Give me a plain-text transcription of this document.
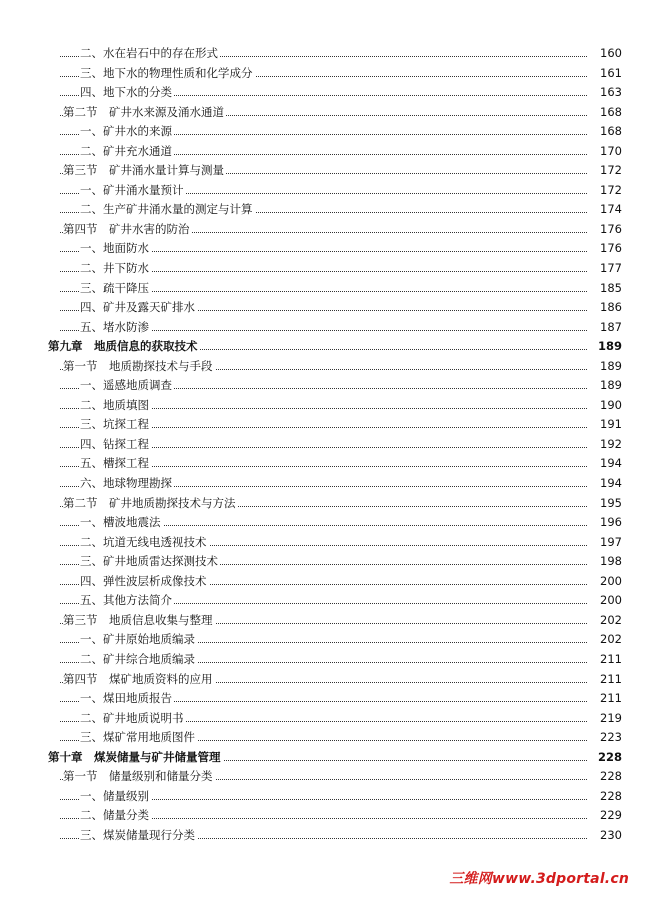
二、水在岩石中的存在形式	160
三、地下水的物理性质和化学成分	161
四、地下水的分类	163
第二节　矿井水来源及涌水通道	168
一、矿井水的来源	168
二、矿井充水通道	170
第三节　矿井涌水量计算与测量	172
一、矿井涌水量预计	172
二、生产矿井涌水量的测定与计算	174
第四节　矿井水害的防治	176
一、地面防水	176
二、井下防水	177
三、疏干降压	185
四、矿井及露天矿排水	186
五、堵水防渗	187
第九章　地质信息的获取技术	189
第一节　地质勘探技术与手段	189
一、遥感地质调查	189
二、地质填图	190
三、坑探工程	191
四、钻探工程	192
五、槽探工程	194
六、地球物理勘探	194
第二节　矿井地质勘探技术与方法	195
一、槽波地震法	196
二、坑道无线电透视技术	197
三、矿井地质雷达探测技术	198
四、弹性波层析成像技术	200
五、其他方法简介	200
第三节　地质信息收集与整理	202
一、矿井原始地质编录	202
二、矿井综合地质编录	211
第四节　煤矿地质资料的应用	211
一、煤田地质报告	211
二、矿井地质说明书	219
三、煤矿常用地质图件	223
第十章　煤炭储量与矿井储量管理	228
第一节　储量级别和储量分类	228
一、储量级别	228
二、储量分类	229
三、煤炭储量现行分类	230
三维网www.3dportal.cn
